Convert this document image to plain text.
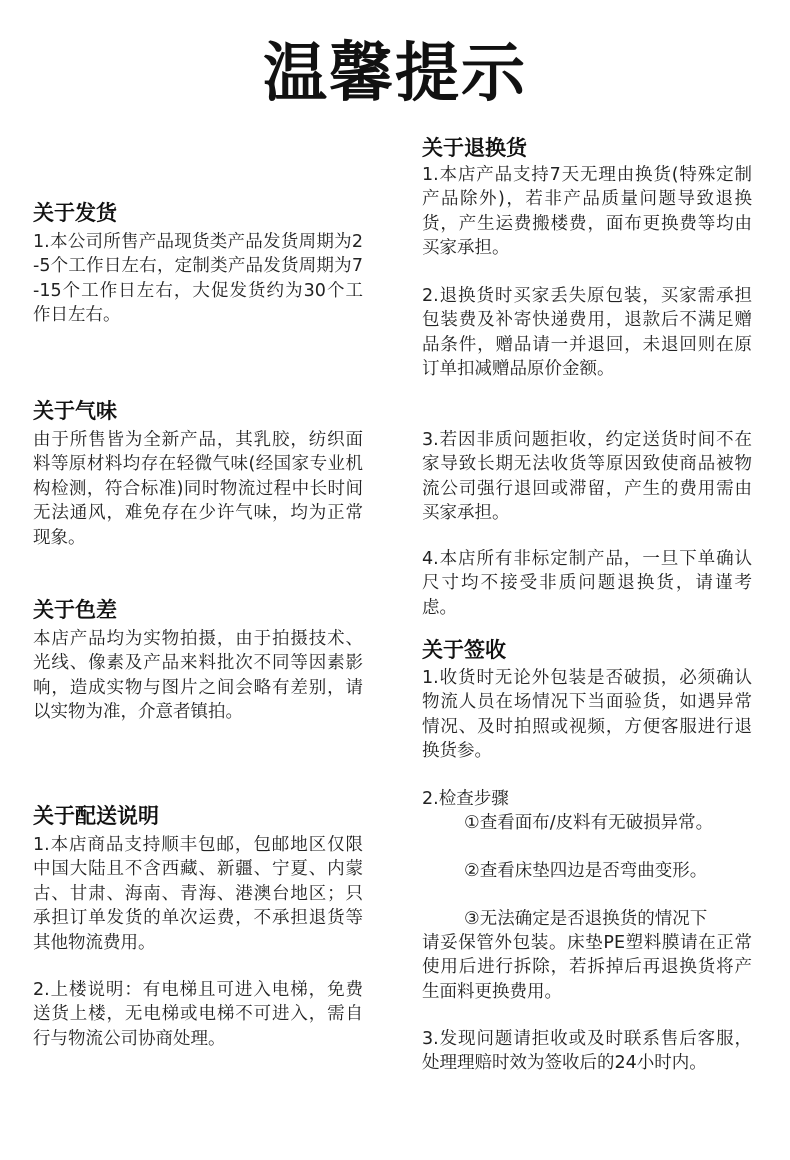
温馨提示
关于发货
1.本公司所售产品现货类产品发货周期为2-5个工作日左右，定制类产品发货周期为7-15个工作日左右，大促发货约为30个工作日左右。
关于气味
由于所售皆为全新产品，其乳胶，纺织面料等原材料均存在轻微气味(经国家专业机构检测，符合标准)同时物流过程中长时间无法通风，难免存在少许气味，均为正常现象。
关于色差
本店产品均为实物拍摄，由于拍摄技术、光线、像素及产品来料批次不同等因素影响，造成实物与图片之间会略有差别，请以实物为准，介意者镇拍。
关于配送说明
1.本店商品支持顺丰包邮，包邮地区仅限中国大陆且不含西藏、新疆、宁夏、内蒙古、甘肃、海南、青海、港澳台地区；只承担订单发货的单次运费，不承担退货等其他物流费用。
2.上楼说明：有电梯且可进入电梯，免费送货上楼，无电梯或电梯不可进入，需自行与物流公司协商处理。
关于退换货
1.本店产品支持7天无理由换货(特殊定制产品除外)，若非产品质量问题导致退换货，产生运费搬楼费，面布更换费等均由买家承担。
2.退换货时买家丢失原包装，买家需承担包装费及补寄快递费用，退款后不满足赠品条件，赠品请一并退回，未退回则在原订单扣减赠品原价金额。
3.若因非质问题拒收，约定送货时间不在家导致长期无法收货等原因致使商品被物流公司强行退回或滞留，产生的费用需由买家承担。
4.本店所有非标定制产品，一旦下单确认尺寸均不接受非质问题退换货，请谨考虑。
关于签收
1.收货时无论外包装是否破损，必须确认物流人员在场情况下当面验货，如遇异常情况、及时拍照或视频，方便客服进行退换货参。
2.检查步骤
①查看面布/皮料有无破损异常。
②查看床垫四边是否弯曲变形。
③无法确定是否退换货的情况下
请妥保管外包装。床垫PE塑料膜请在正常使用后进行拆除，若拆掉后再退换货将产生面料更换费用。
3.发现问题请拒收或及时联系售后客服，处理理赔时效为签收后的24小时内。
